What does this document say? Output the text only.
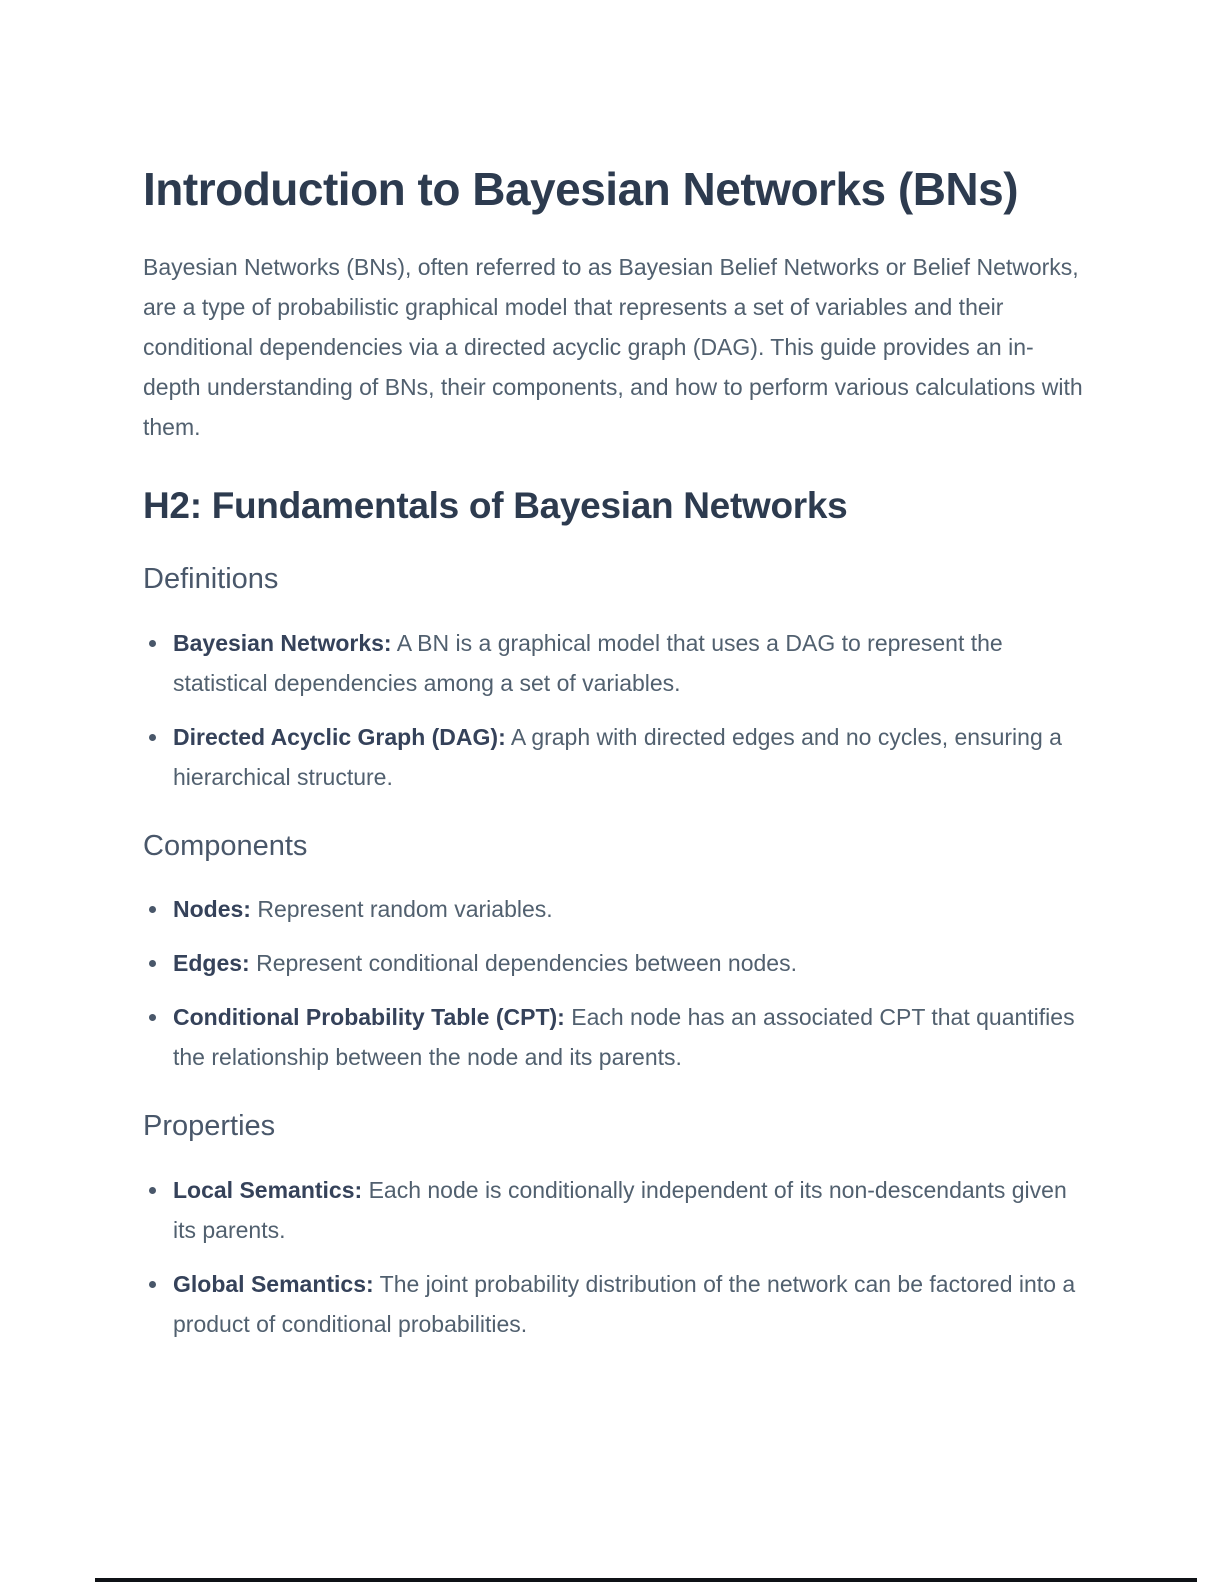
Introduction to Bayesian Networks (BNs)

Bayesian Networks (BNs), often referred to as Bayesian Belief Networks or Belief Networks, are a type of probabilistic graphical model that represents a set of variables and their conditional dependencies via a directed acyclic graph (DAG). This guide provides an in-depth understanding of BNs, their components, and how to perform various calculations with them.

H2: Fundamentals of Bayesian Networks
Definitions
Bayesian Networks: A BN is a graphical model that uses a DAG to represent the statistical dependencies among a set of variables.
Directed Acyclic Graph (DAG): A graph with directed edges and no cycles, ensuring a hierarchical structure.
Components
Nodes: Represent random variables.
Edges: Represent conditional dependencies between nodes.
Conditional Probability Table (CPT): Each node has an associated CPT that quantifies the relationship between the node and its parents.
Properties
Local Semantics: Each node is conditionally independent of its non-descendants given its parents.
Global Semantics: The joint probability distribution of the network can be factored into a product of conditional probabilities.
